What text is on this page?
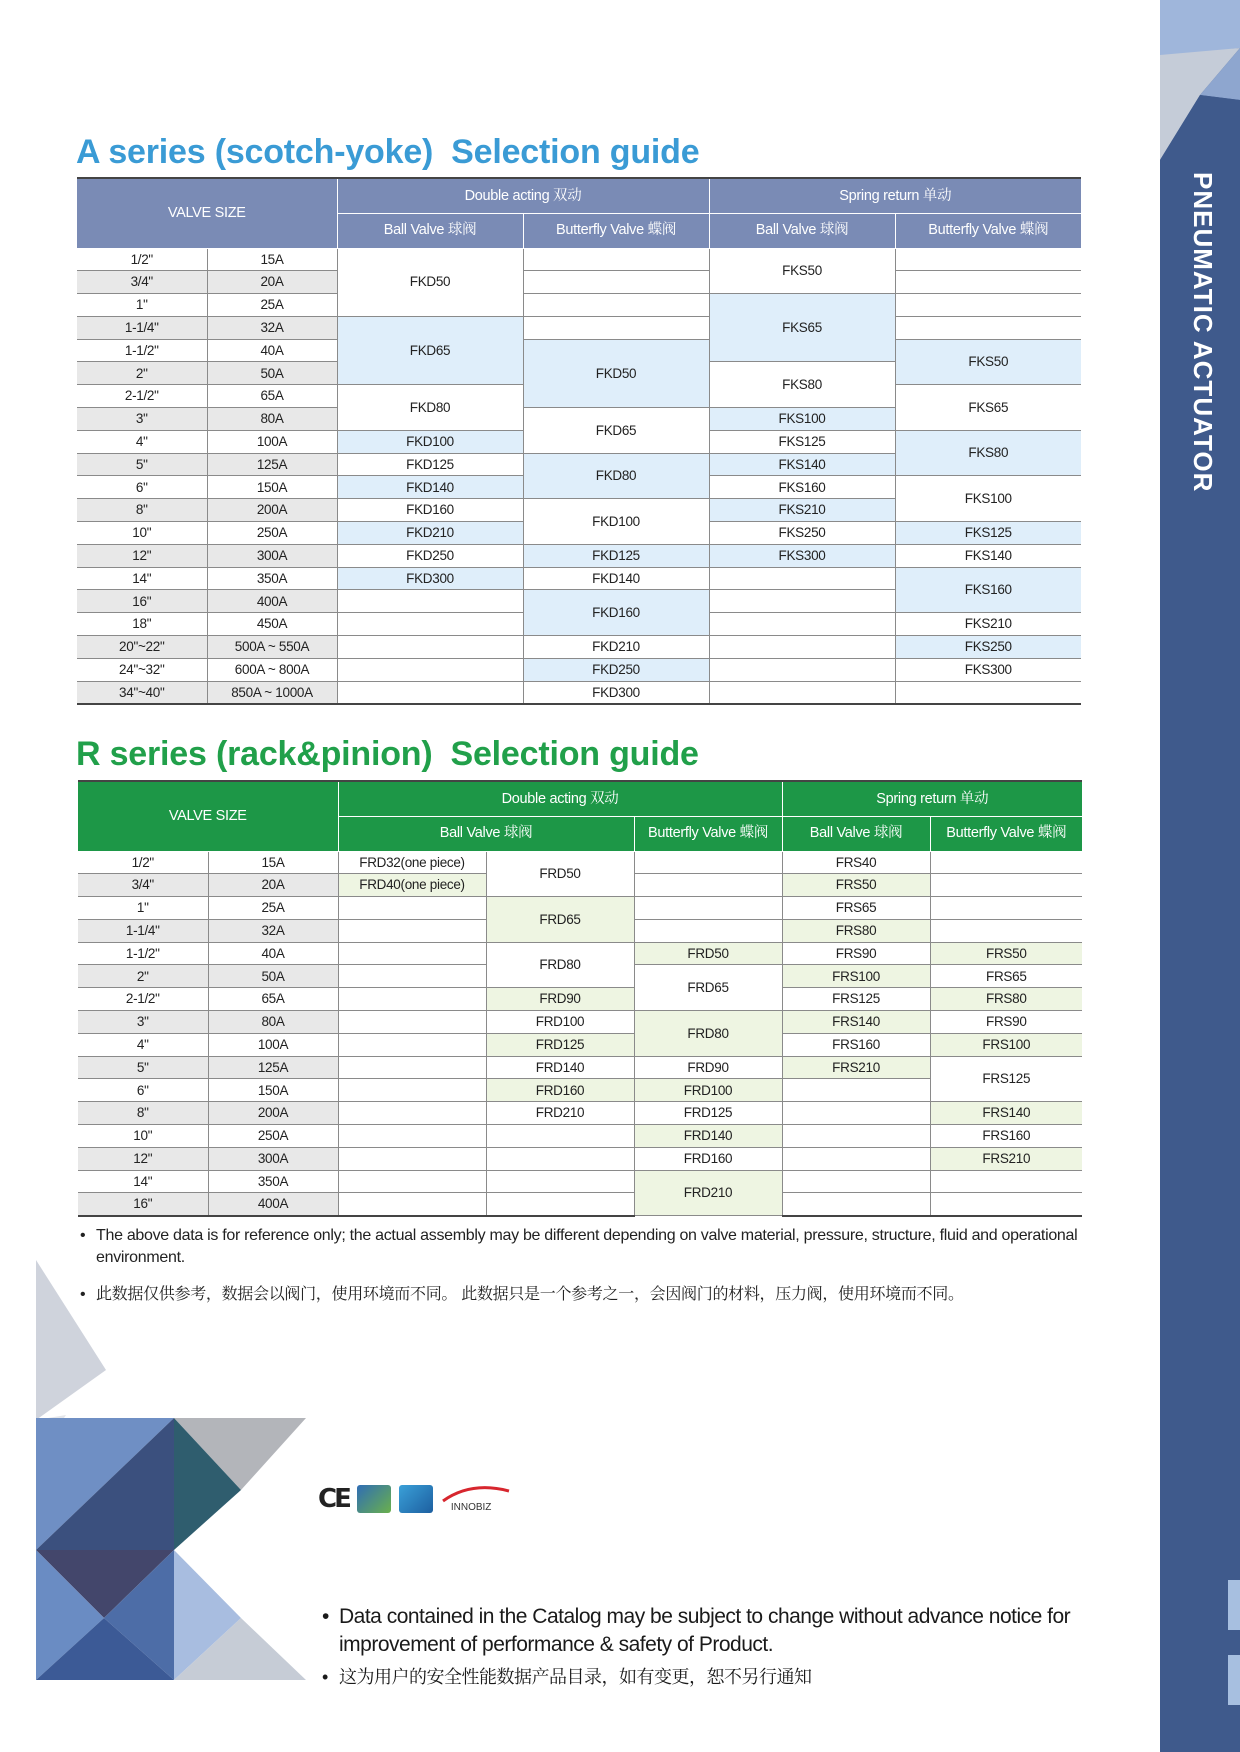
PNEUMATIC ACTUATOR
A series (scotch-yoke) Selection guide
VALVE SIZE		Double acting 双动		Spring return 单动	
		Ball Valve 球阀	Butterfly Valve 蝶阀	Ball Valve 球阀	Butterfly Valve 蝶阀
1/2"	15A	FKD50		FKS50	
3/4"	20A				
1"	25A			FKS65	
1-1/4"	32A	FKD65			
1-1/2"	40A		FKD50		FKS50
2"	50A			FKS80	
2-1/2"	65A	FKD80			FKS65
3"	80A		FKD65	FKS100	
4"	100A	FKD100		FKS125	FKS80
5"	125A	FKD125	FKD80	FKS140	
6"	150A	FKD140		FKS160	FKS100
8"	200A	FKD160	FKD100	FKS210	
10"	250A	FKD210		FKS250	FKS125
12"	300A	FKD250	FKD125	FKS300	FKS140
14"	350A	FKD300	FKD140		FKS160
16"	400A		FKD160		
18"	450A				FKS210
20"~22"	500A ~ 550A		FKD210		FKS250
24"~32"	600A ~ 800A		FKD250		FKS300
34"~40"	850A ~ 1000A		FKD300		
R series (rack&pinion) Selection guide
VALVE SIZE		Double acting 双动			Spring return 单动	
		Ball Valve 球阀		Butterfly Valve 蝶阀	Ball Valve 球阀	Butterfly Valve 蝶阀
1/2"	15A	FRD32(one piece)	FRD50		FRS40	
3/4"	20A	FRD40(one piece)			FRS50	
1"	25A		FRD65		FRS65	
1-1/4"	32A				FRS80	
1-1/2"	40A		FRD80	FRD50	FRS90	FRS50
2"	50A			FRD65	FRS100	FRS65
2-1/2"	65A		FRD90		FRS125	FRS80
3"	80A		FRD100	FRD80	FRS140	FRS90
4"	100A		FRD125		FRS160	FRS100
5"	125A		FRD140	FRD90	FRS210	FRS125
6"	150A		FRD160	FRD100		
8"	200A		FRD210	FRD125		FRS140
10"	250A			FRD140		FRS160
12"	300A			FRD160		FRS210
14"	350A			FRD210		
16"	400A					
• The above data is for reference only; the actual assembly may be different depending on valve material, pressure, structure, fluid and operational environment.
• 此数据仅供参考，数据会以阀门，使用环境而不同。 此数据只是一个参考之一，会因阀门的材料，压力阀，使用环境而不同。
CE	INNOBIZ
• Data contained in the Catalog may be subject to change without advance notice for improvement of performance & safety of Product.
• 这为用户的安全性能数据产品目录，如有变更，恕不另行通知
